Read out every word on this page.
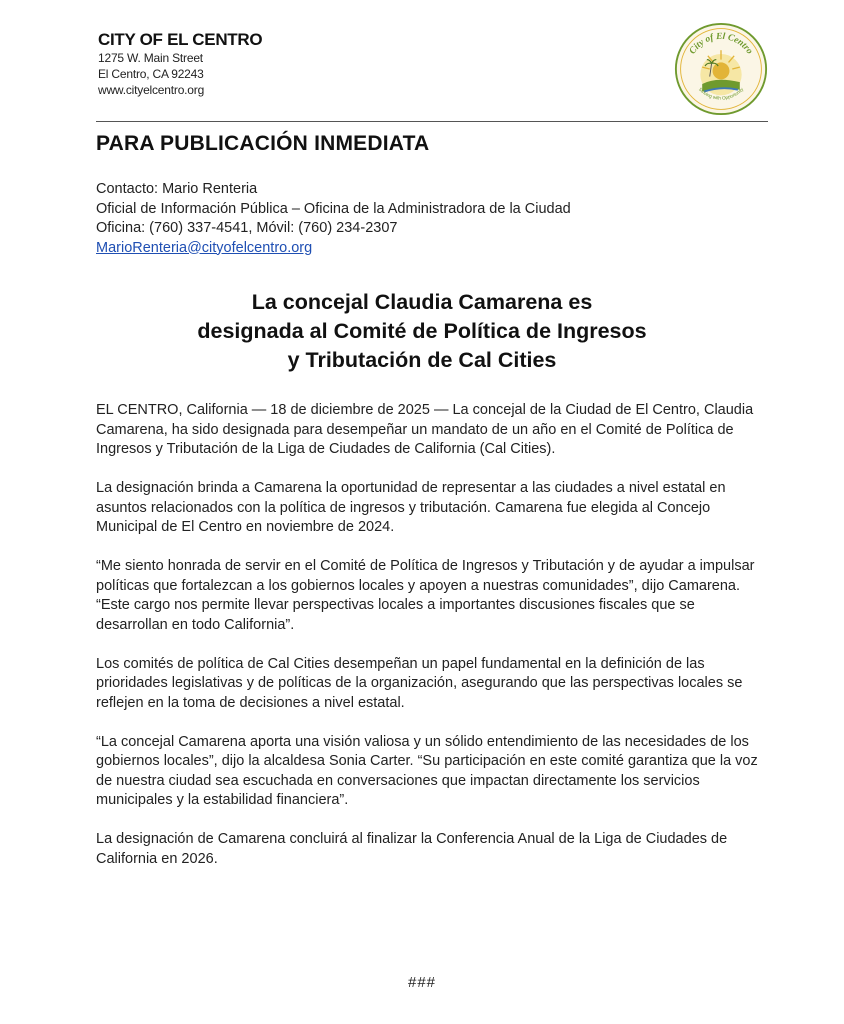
CITY OF EL CENTRO
1275 W. Main Street
El Centro, CA 92243
www.cityelcentro.org
City of El Centro
Striving with Opportunity
PARA PUBLICACIÓN INMEDIATA
Contacto: Mario Renteria
Oficial de Información Pública – Oficina de la Administradora de la Ciudad
Oficina: (760) 337-4541, Móvil: (760) 234-2307
MarioRenteria@cityofelcentro.org
La concejal Claudia Camarena es
designada al Comité de Política de Ingresos
y Tributación de Cal Cities

EL CENTRO, California — 18 de diciembre de 2025 — La concejal de la Ciudad de El Centro, Claudia Camarena, ha sido designada para desempeñar un mandato de un año en el Comité de Política de Ingresos y Tributación de la Liga de Ciudades de California (Cal Cities).

La designación brinda a Camarena la oportunidad de representar a las ciudades a nivel estatal en asuntos relacionados con la política de ingresos y tributación. Camarena fue elegida al Concejo Municipal de El Centro en noviembre de 2024.

“Me siento honrada de servir en el Comité de Política de Ingresos y Tributación y de ayudar a impulsar políticas que fortalezcan a los gobiernos locales y apoyen a nuestras comunidades”, dijo Camarena. “Este cargo nos permite llevar perspectivas locales a importantes discusiones fiscales que se desarrollan en todo California”.

Los comités de política de Cal Cities desempeñan un papel fundamental en la definición de las prioridades legislativas y de políticas de la organización, asegurando que las perspectivas locales se reflejen en la toma de decisiones a nivel estatal.

“La concejal Camarena aporta una visión valiosa y un sólido entendimiento de las necesidades de los gobiernos locales”, dijo la alcaldesa Sonia Carter. “Su participación en este comité garantiza que la voz de nuestra ciudad sea escuchada en conversaciones que impactan directamente los servicios municipales y la estabilidad financiera”.

La designación de Camarena concluirá al finalizar la Conferencia Anual de la Liga de Ciudades de California en 2026.

###
